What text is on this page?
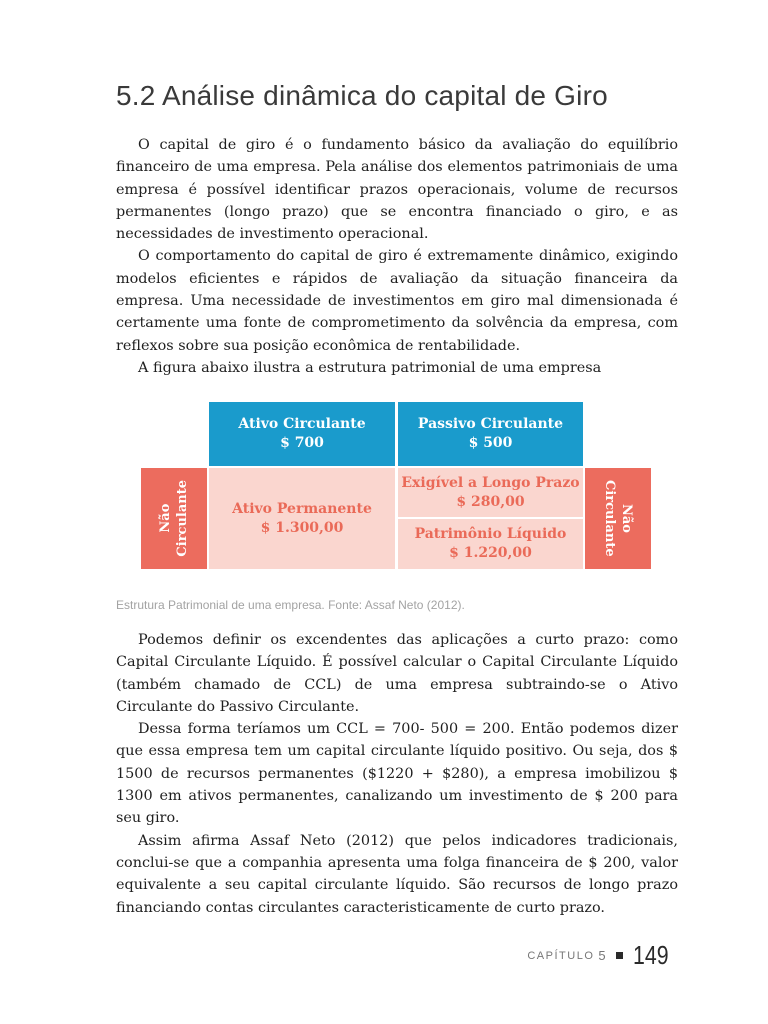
5.2 Análise dinâmica do capital de Giro

O capital de giro é o fundamento básico da avaliação do equilíbrio financeiro de uma empresa. Pela análise dos elementos patrimoniais de uma empresa é possível identificar prazos operacionais, volume de recursos permanentes (longo prazo) que se encontra financiado o giro, e as necessidades de investimento operacional.

O comportamento do capital de giro é extremamente dinâmico, exigindo modelos eficientes e rápidos de avaliação da situação financeira da empresa. Uma necessidade de investimentos em giro mal dimensionada é certamente uma fonte de comprometimento da solvência da empresa, com reflexos sobre sua posição econômica de rentabilidade.

A figura abaixo ilustra a estrutura patrimonial de uma empresa

Não Circulante
Ativo Circulante
$ 700
Passivo Circulante
$ 500
Ativo Permanente
$ 1.300,00
Exigível a Longo Prazo
$ 280,00
Patrimônio Líquido
$ 1.220,00
Não
Circulante
Estrutura Patrimonial de uma empresa. Fonte: Assaf Neto (2012).

Podemos definir os excendentes das aplicações a curto prazo: como Capital Circulante Líquido. É possível calcular o Capital Circulante Líquido (também chamado de CCL) de uma empresa subtraindo-se o Ativo Circulante do Passivo Circulante.

Dessa forma teríamos um CCL = 700- 500 = 200. Então podemos dizer que essa empresa tem um capital circulante líquido positivo. Ou seja, dos $ 1500 de recursos permanentes ($1220 + $280), a empresa imobilizou $ 1300 em ativos permanentes, canalizando um investimento de $ 200 para seu giro.

Assim afirma Assaf Neto (2012) que pelos indicadores tradicionais, conclui-se que a companhia apresenta uma folga financeira de $ 200, valor equivalente a seu capital circulante líquido. São recursos de longo prazo financiando contas circulantes caracteristicamente de curto prazo.

CAPÍTULO 5 149
